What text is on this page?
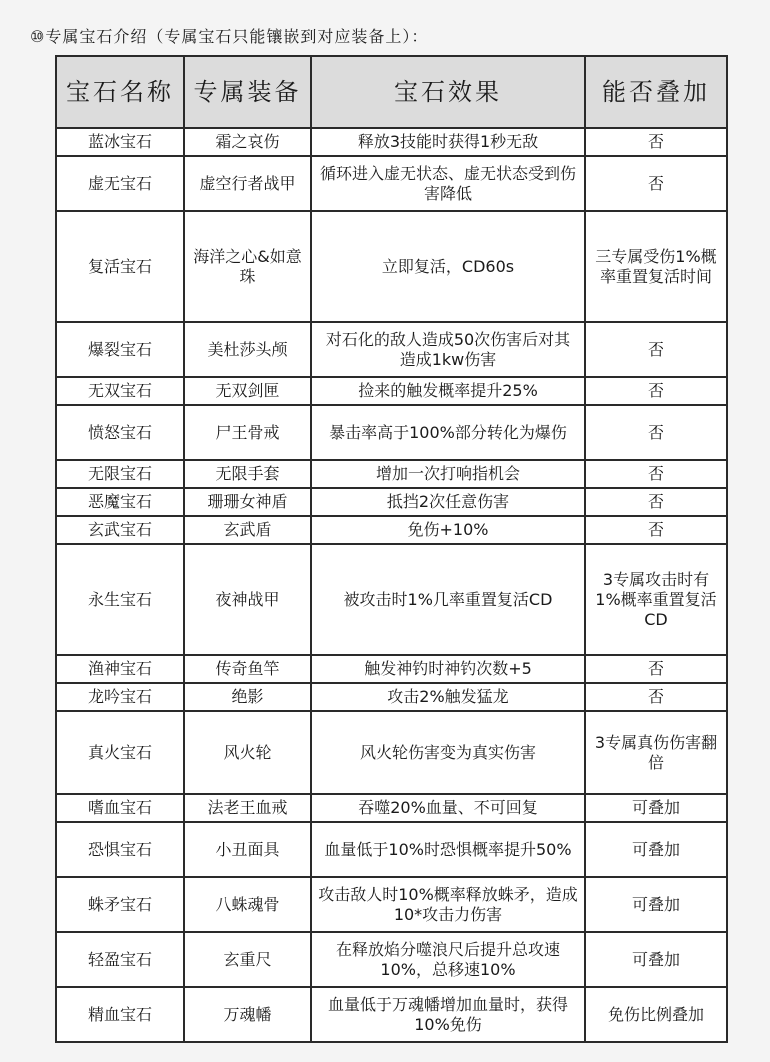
⑩专属宝石介绍（专属宝石只能镶嵌到对应装备上）：
宝石名称	专属装备	宝石效果	能否叠加
蓝冰宝石	霜之哀伤	释放3技能时获得1秒无敌	否
虚无宝石	虚空行者战甲	循环进入虚无状态、虚无状态受到伤害降低	否
复活宝石	海洋之心&如意珠	立即复活，CD60s	三专属受伤1%概率重置复活时间
爆裂宝石	美杜莎头颅	对石化的敌人造成50次伤害后对其造成1kw伤害	否
无双宝石	无双剑匣	捡来的触发概率提升25%	否
愤怒宝石	尸王骨戒	暴击率高于100%部分转化为爆伤	否
无限宝石	无限手套	增加一次打响指机会	否
恶魔宝石	珊珊女神盾	抵挡2次任意伤害	否
玄武宝石	玄武盾	免伤+10%	否
永生宝石	夜神战甲	被攻击时1%几率重置复活CD	3专属攻击时有1%概率重置复活CD
渔神宝石	传奇鱼竿	触发神钓时神钓次数+5	否
龙吟宝石	绝影	攻击2%触发猛龙	否
真火宝石	风火轮	风火轮伤害变为真实伤害	3专属真伤伤害翻倍
嗜血宝石	法老王血戒	吞噬20%血量、不可回复	可叠加
恐惧宝石	小丑面具	血量低于10%时恐惧概率提升50%	可叠加
蛛矛宝石	八蛛魂骨	攻击敌人时10%概率释放蛛矛，造成10*攻击力伤害	可叠加
轻盈宝石	玄重尺	在释放焰分噬浪尺后提升总攻速10%，总移速10%	可叠加
精血宝石	万魂幡	血量低于万魂幡增加血量时，获得10%免伤	免伤比例叠加
